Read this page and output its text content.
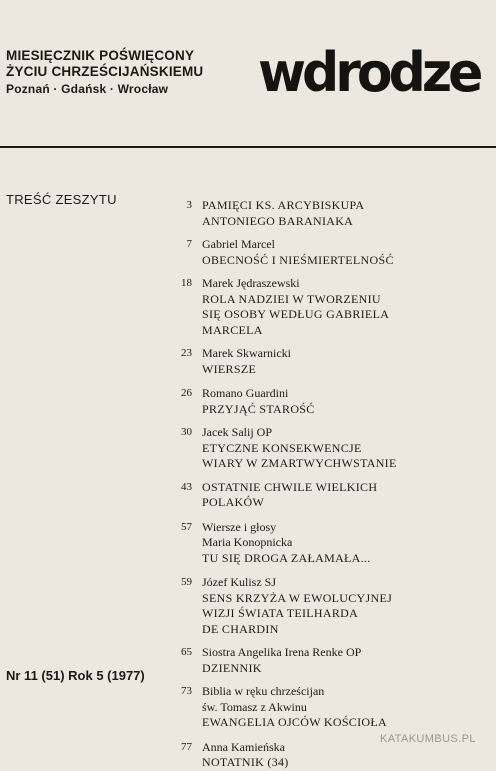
MIESIĘCZNIK POŚWIĘCONY
ŻYCIU CHRZEŚCIJAŃSKIEMU
Poznań · Gdańsk · Wrocław	wdrodze
TREŚĆ ZESZYTU	3 PAMIĘCI KS. ARCYBISKUPA
ANTONIEGO BARANIAKA
7 Gabriel Marcel
OBECNOŚĆ I NIEŚMIERTELNOŚĆ
18 Marek Jędraszewski
ROLA NADZIEI W TWORZENIU
SIĘ OSOBY WEDŁUG GABRIELA
MARCELA
23 Marek Skwarnicki
WIERSZE
26 Romano Guardini
PRZYJĄĆ STAROŚĆ
30 Jacek Salij OP
ETYCZNE KONSEKWENCJE
WIARY W ZMARTWYCHWSTANIE
43 OSTATNIE CHWILE WIELKICH
POLAKÓW
57 Wiersze i głosy
Maria Konopnicka
TU SIĘ DROGA ZAŁAMAŁA...
59 Józef Kulisz SJ
SENS KRZYŻA W EWOLUCYJNEJ
WIZJI ŚWIATA TEILHARDA
DE CHARDIN
65 Siostra Angelika Irena Renke OP
DZIENNIK
73 Biblia w ręku chrześcijan
św. Tomasz z Akwinu
EWANGELIA OJCÓW KOŚCIOŁA
77 Anna Kamieńska
NOTATNIK (34)
Nr 11 (51) Rok 5 (1977)
KATAKUMBUS.PL
